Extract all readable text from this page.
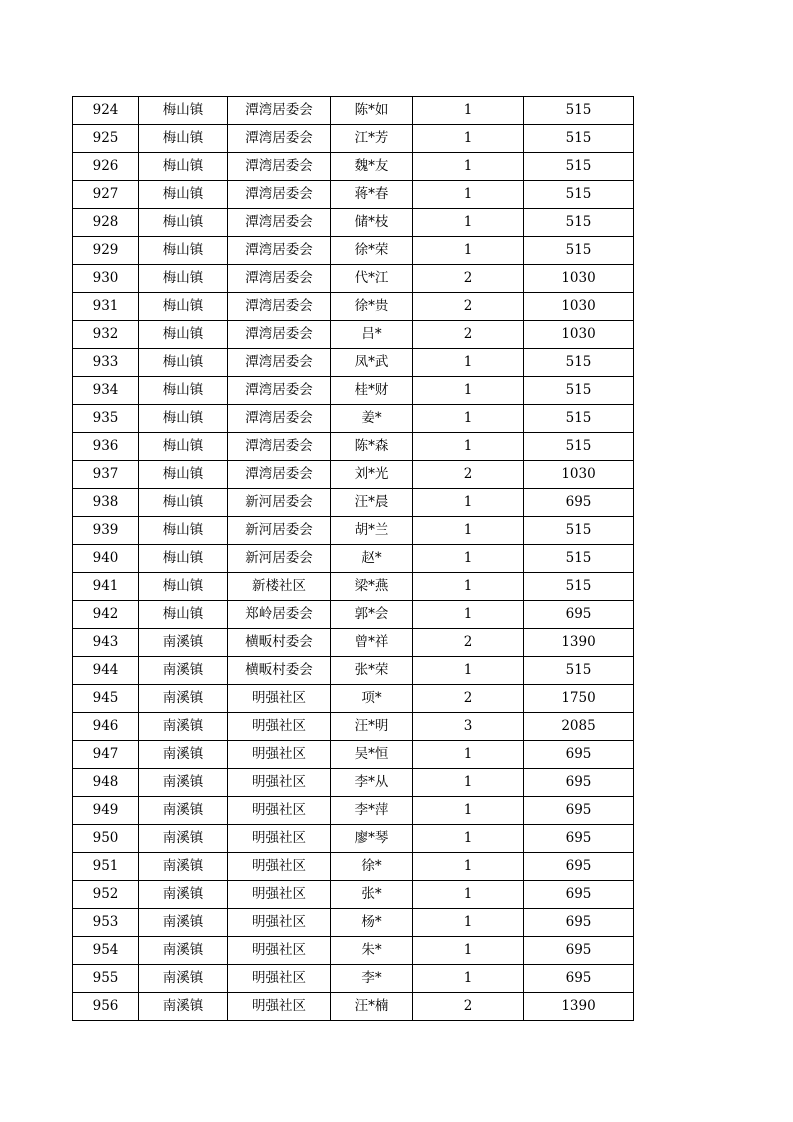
924	梅山镇	潭湾居委会	陈*如	1	515
925	梅山镇	潭湾居委会	江*芳	1	515
926	梅山镇	潭湾居委会	魏*友	1	515
927	梅山镇	潭湾居委会	蒋*春	1	515
928	梅山镇	潭湾居委会	储*枝	1	515
929	梅山镇	潭湾居委会	徐*荣	1	515
930	梅山镇	潭湾居委会	代*江	2	1030
931	梅山镇	潭湾居委会	徐*贵	2	1030
932	梅山镇	潭湾居委会	吕*	2	1030
933	梅山镇	潭湾居委会	凤*武	1	515
934	梅山镇	潭湾居委会	桂*财	1	515
935	梅山镇	潭湾居委会	姜*	1	515
936	梅山镇	潭湾居委会	陈*森	1	515
937	梅山镇	潭湾居委会	刘*光	2	1030
938	梅山镇	新河居委会	汪*晨	1	695
939	梅山镇	新河居委会	胡*兰	1	515
940	梅山镇	新河居委会	赵*	1	515
941	梅山镇	新楼社区	梁*燕	1	515
942	梅山镇	郑岭居委会	郭*会	1	695
943	南溪镇	横畈村委会	曾*祥	2	1390
944	南溪镇	横畈村委会	张*荣	1	515
945	南溪镇	明强社区	项*	2	1750
946	南溪镇	明强社区	汪*明	3	2085
947	南溪镇	明强社区	吴*恒	1	695
948	南溪镇	明强社区	李*从	1	695
949	南溪镇	明强社区	李*萍	1	695
950	南溪镇	明强社区	廖*琴	1	695
951	南溪镇	明强社区	徐*	1	695
952	南溪镇	明强社区	张*	1	695
953	南溪镇	明强社区	杨*	1	695
954	南溪镇	明强社区	朱*	1	695
955	南溪镇	明强社区	李*	1	695
956	南溪镇	明强社区	汪*楠	2	1390
